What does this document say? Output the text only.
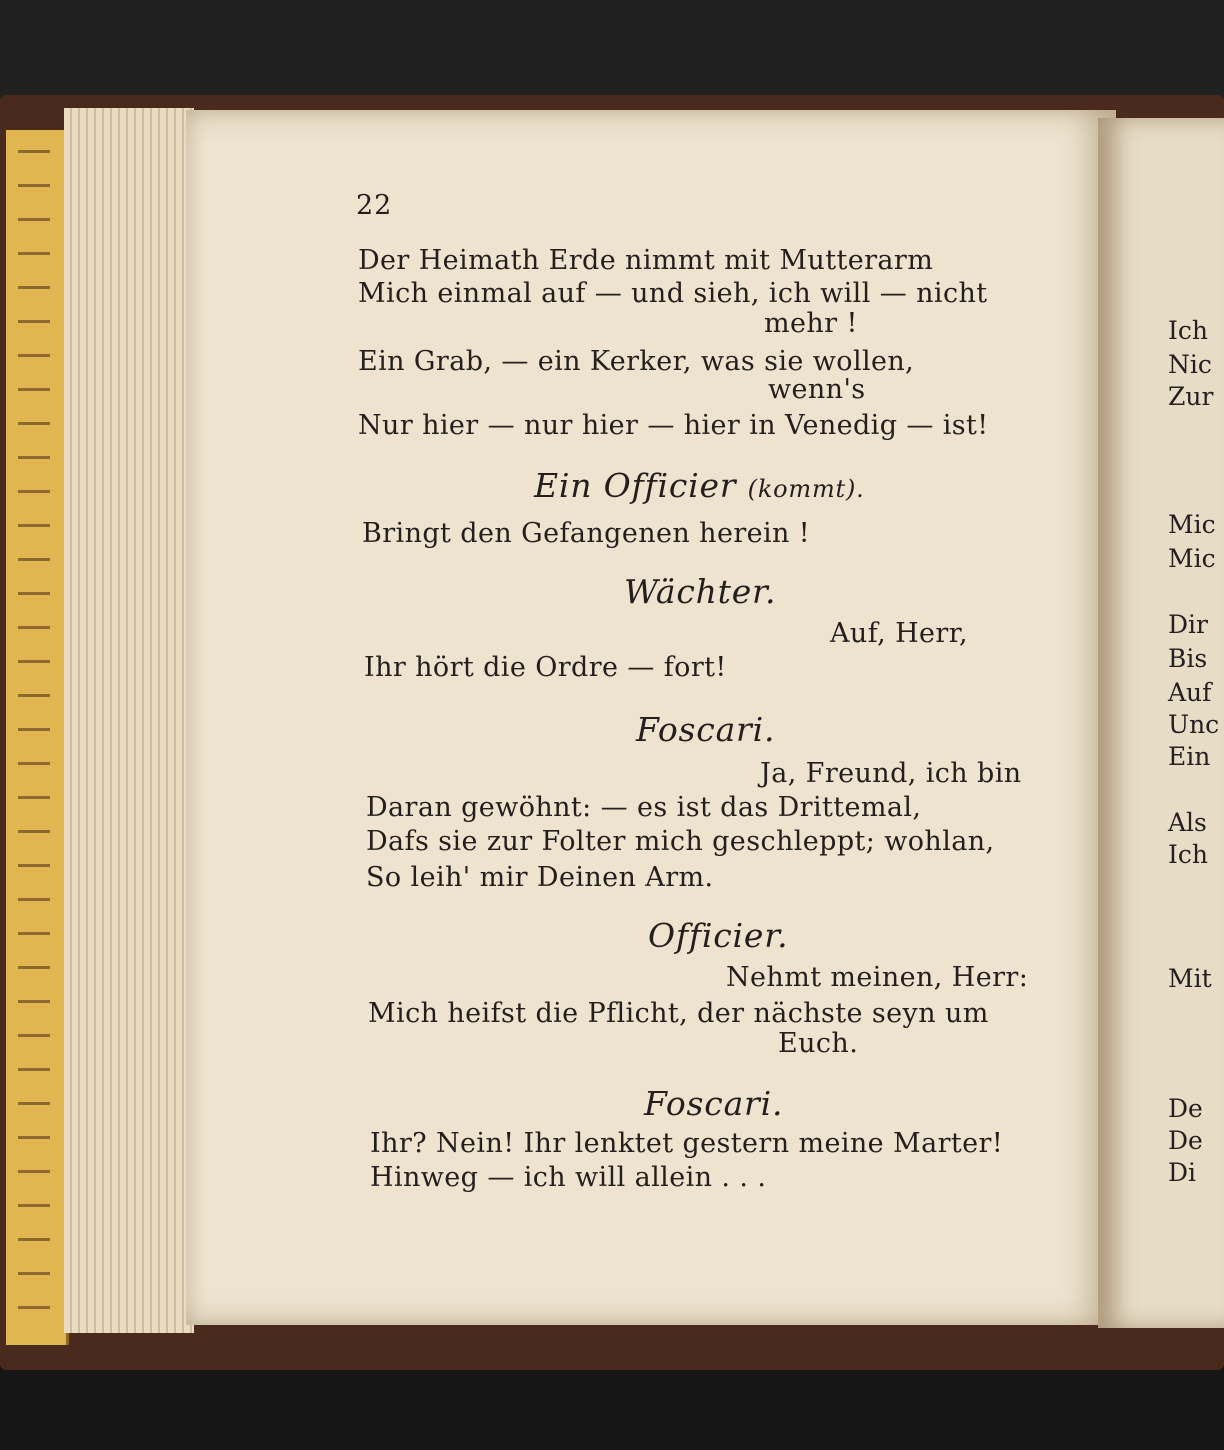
22

Der Heimath Erde nimmt mit Mutterarm

Mich einmal auf — und sieh, ich will — nicht

mehr !

Ein Grab, — ein Kerker, was sie wollen,

wenn's

Nur hier — nur hier — hier in Venedig — ist!

Ein Officier (kommt).

Bringt den Gefangenen herein !

Wächter.

Auf, Herr,

Ihr hört die Ordre — fort!

Foscari.

Ja, Freund, ich bin

Daran gewöhnt: — es ist das Drittemal,

Dafs sie zur Folter mich geschleppt; wohlan,

So leih' mir Deinen Arm.

Officier.

Nehmt meinen, Herr:

Mich heifst die Pflicht, der nächste seyn um

Euch.

Foscari.

Ihr? Nein! Ihr lenktet gestern meine Marter!

Hinweg — ich will allein . . .

Ich

Nic

Zur

Mic

Mic

Dir

Bis

Auf

Unc

Ein

Als

Ich

Mit

De

De

Di
